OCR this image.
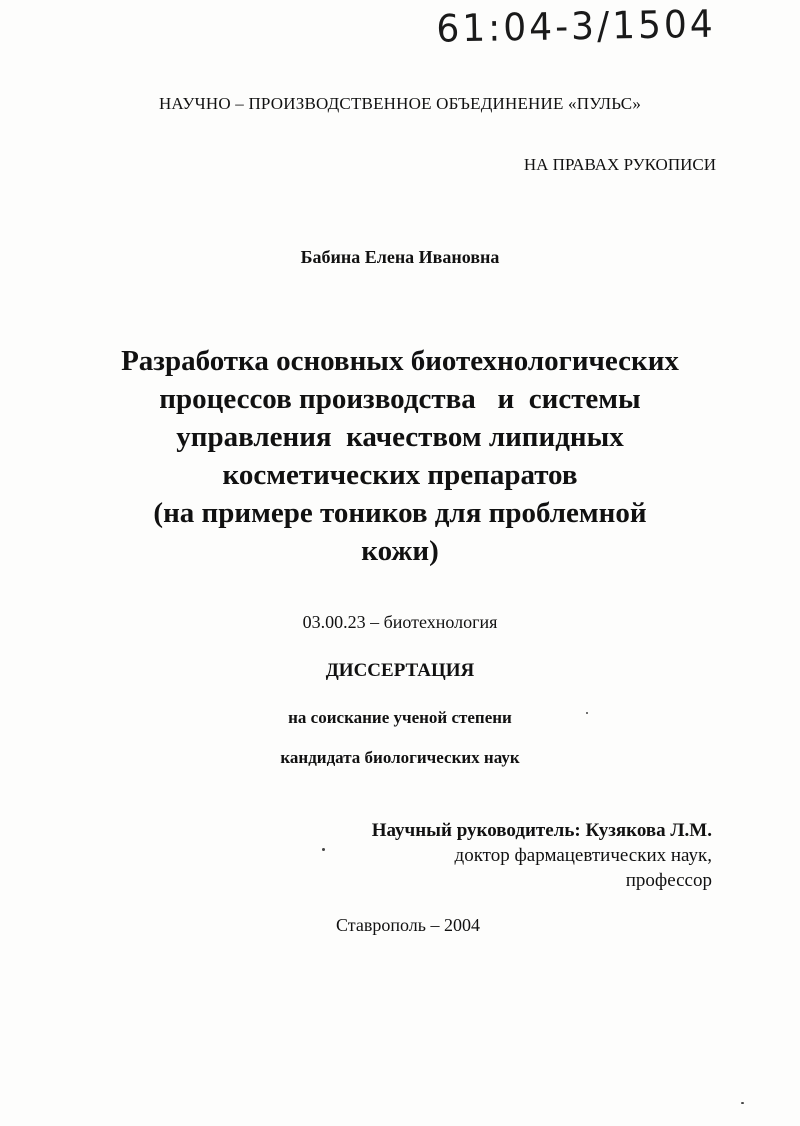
61:04-3/1504
НАУЧНО – ПРОИЗВОДСТВЕННОЕ ОБЪЕДИНЕНИЕ «ПУЛЬС»
НА ПРАВАХ РУКОПИСИ
Бабина Елена Ивановна
Разработка основных биотехнологических
процессов производства   и  системы
управления  качеством липидных
косметических препаратов
(на примере тоников для проблемной
кожи)
03.00.23 – биотехнология
ДИССЕРТАЦИЯ
на соискание ученой степени
кандидата биологических наук
Научный руководитель: Кузякова Л.М.
доктор фармацевтических наук,
профессор
Ставрополь – 2004
